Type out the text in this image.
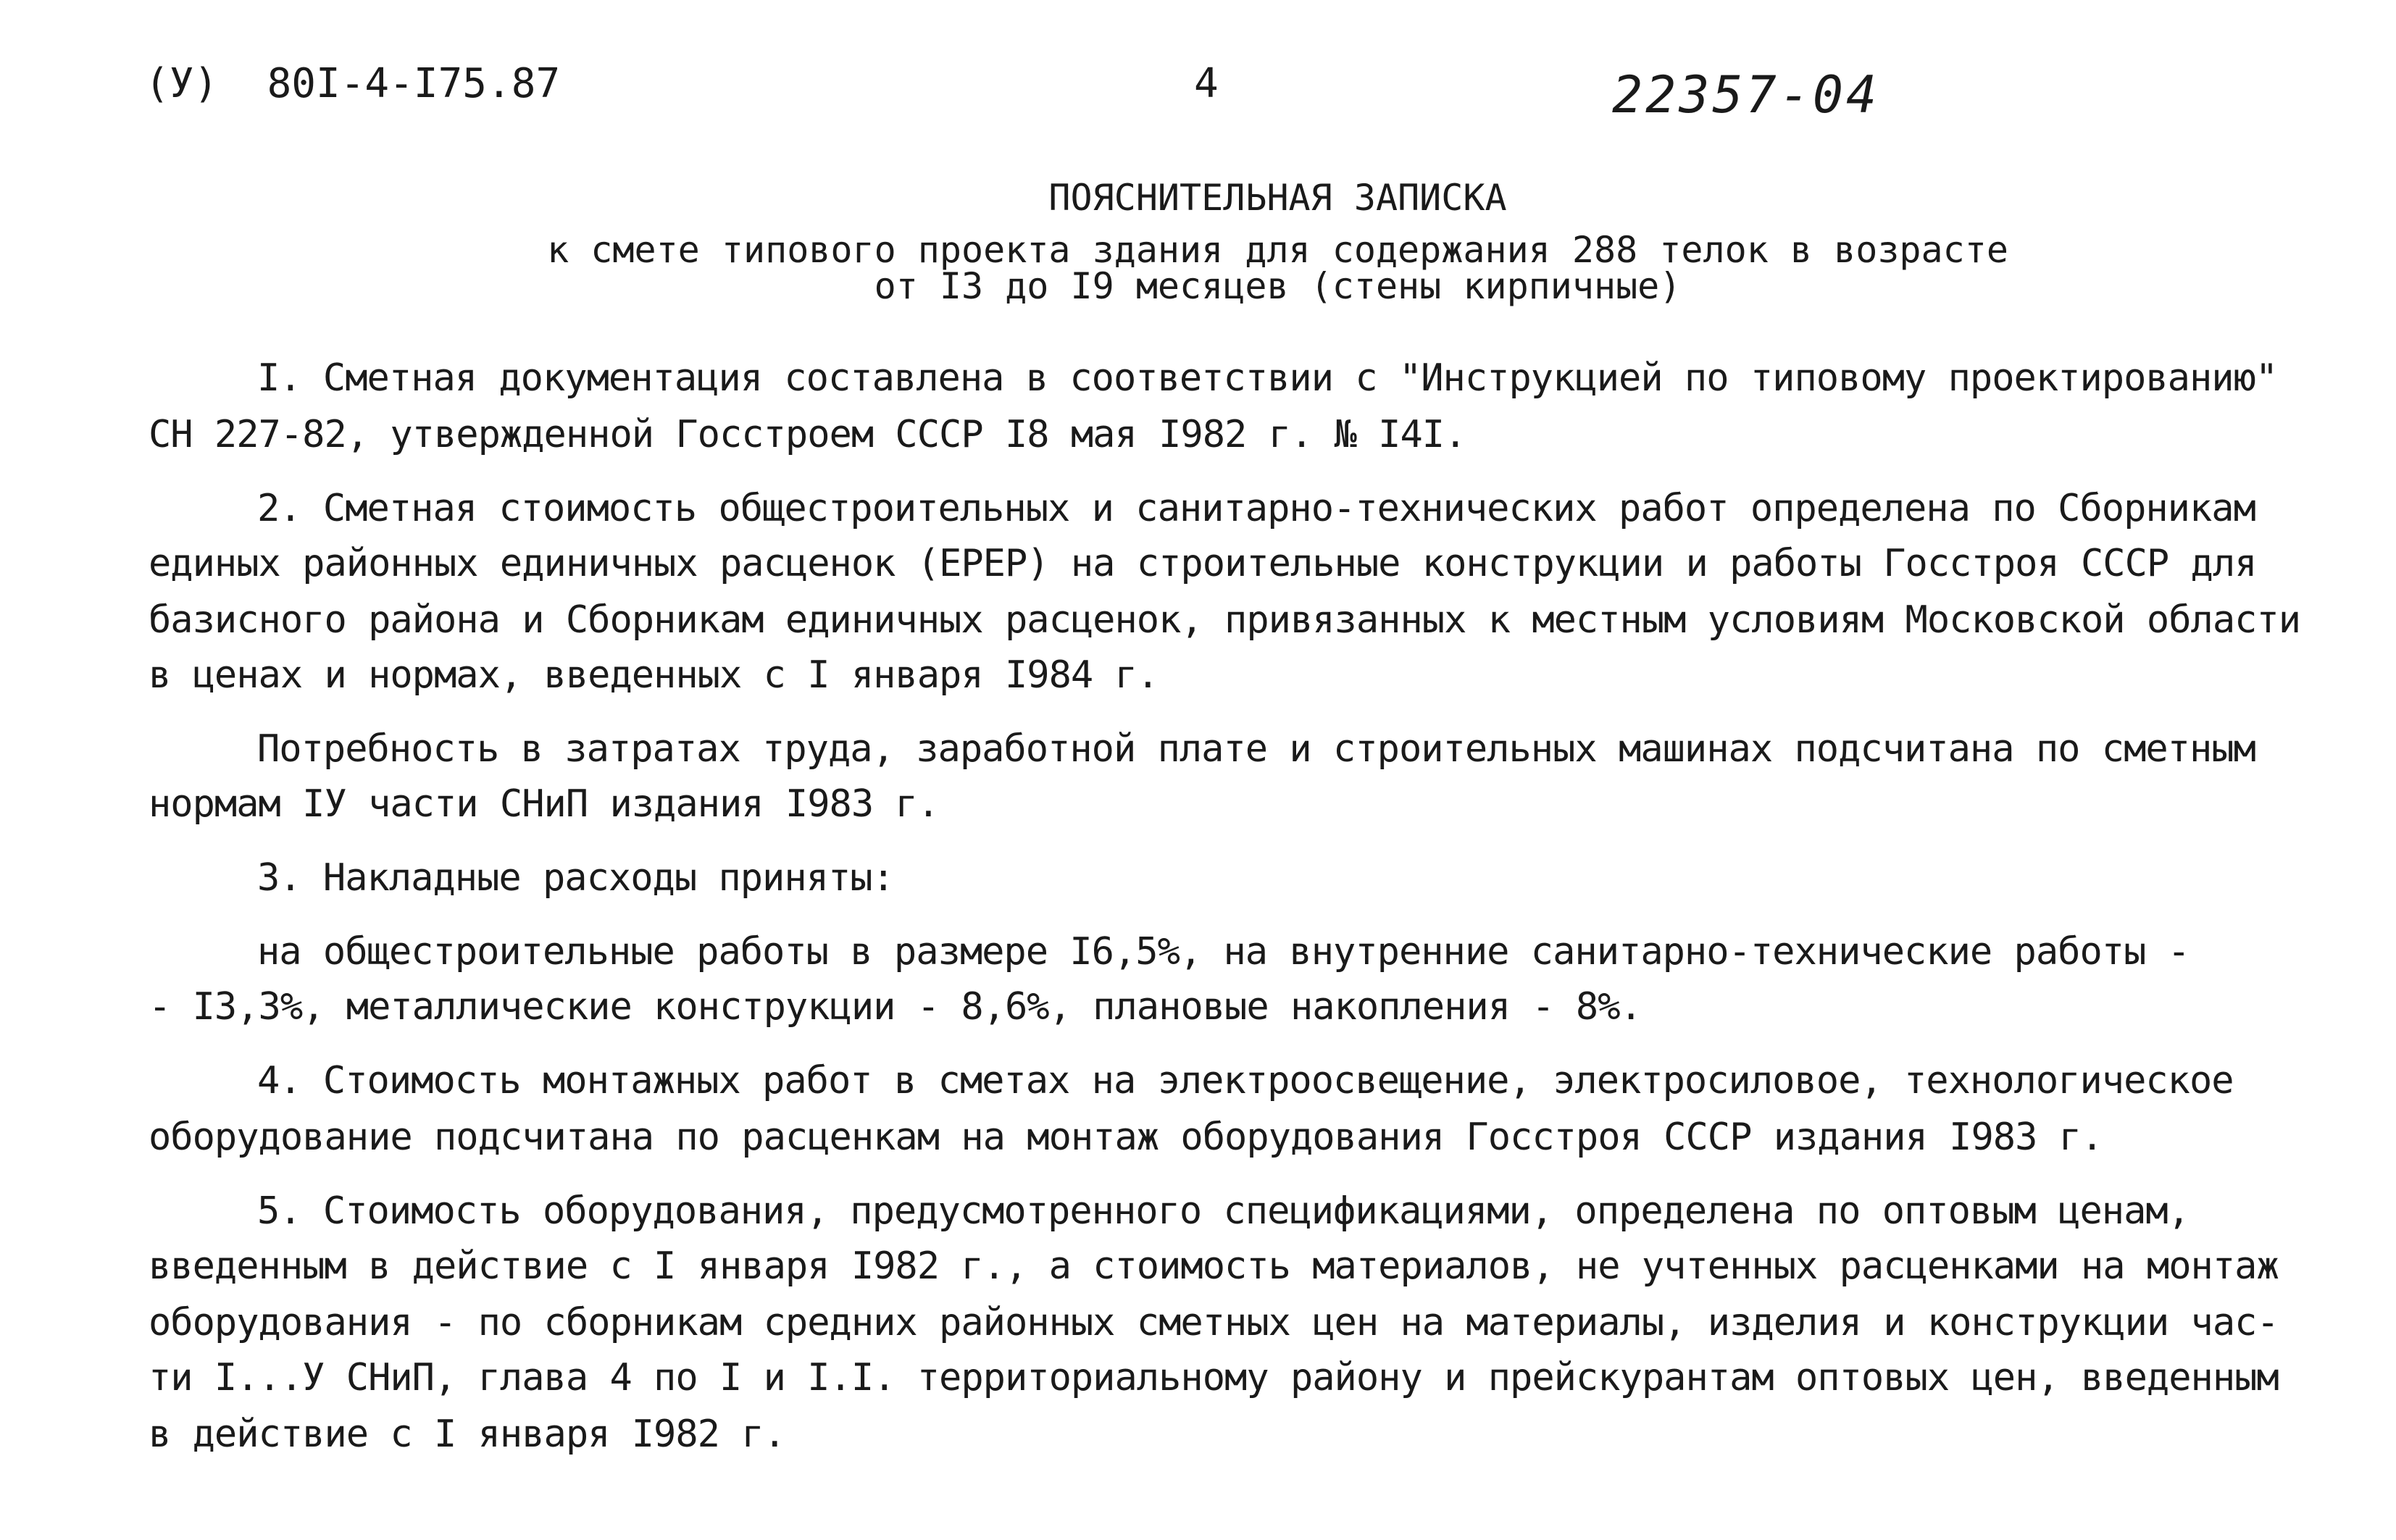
(У)  80I-4-I75.87	4	22357-04
ПОЯСНИТЕЛЬНАЯ ЗАПИСКА
к смете типового проекта здания для содержания 288 телок в возрасте
от I3 до I9 месяцев (стены кирпичные)
I. Сметная документация составлена в соответствии с "Инструкцией по типовому проектированию"
СН 227-82, утвержденной Госстроем СССР I8 мая I982 г. № I4I.
2. Сметная стоимость общестроительных и санитарно-технических работ определена по Сборникам
единых районных единичных расценок (ЕРЕР) на строительные конструкции и работы Госстроя СССР для
базисного района и Сборникам единичных расценок, привязанных к местным условиям Московской области
в ценах и нормах, введенных с I января I984 г.
Потребность в затратах труда, заработной плате и строительных машинах подсчитана по сметным
нормам IУ части СНиП издания I983 г.
3. Накладные расходы приняты:
на общестроительные работы в размере I6,5%, на внутренние санитарно-технические работы -
- I3,3%, металлические конструкции - 8,6%, плановые накопления - 8%.
4. Стоимость монтажных работ в сметах на электроосвещение, электросиловое, технологическое
оборудование подсчитана по расценкам на монтаж оборудования Госстроя СССР издания I983 г.
5. Стоимость оборудования, предусмотренного спецификациями, определена по оптовым ценам,
введенным в действие с I января I982 г., а стоимость материалов, не учтенных расценками на монтаж
оборудования - по сборникам средних районных сметных цен на материалы, изделия и конструкции час-
ти I...У СНиП, глава 4 по I и I.I. территориальному району и прейскурантам оптовых цен, введенным
в действие с I января I982 г.
